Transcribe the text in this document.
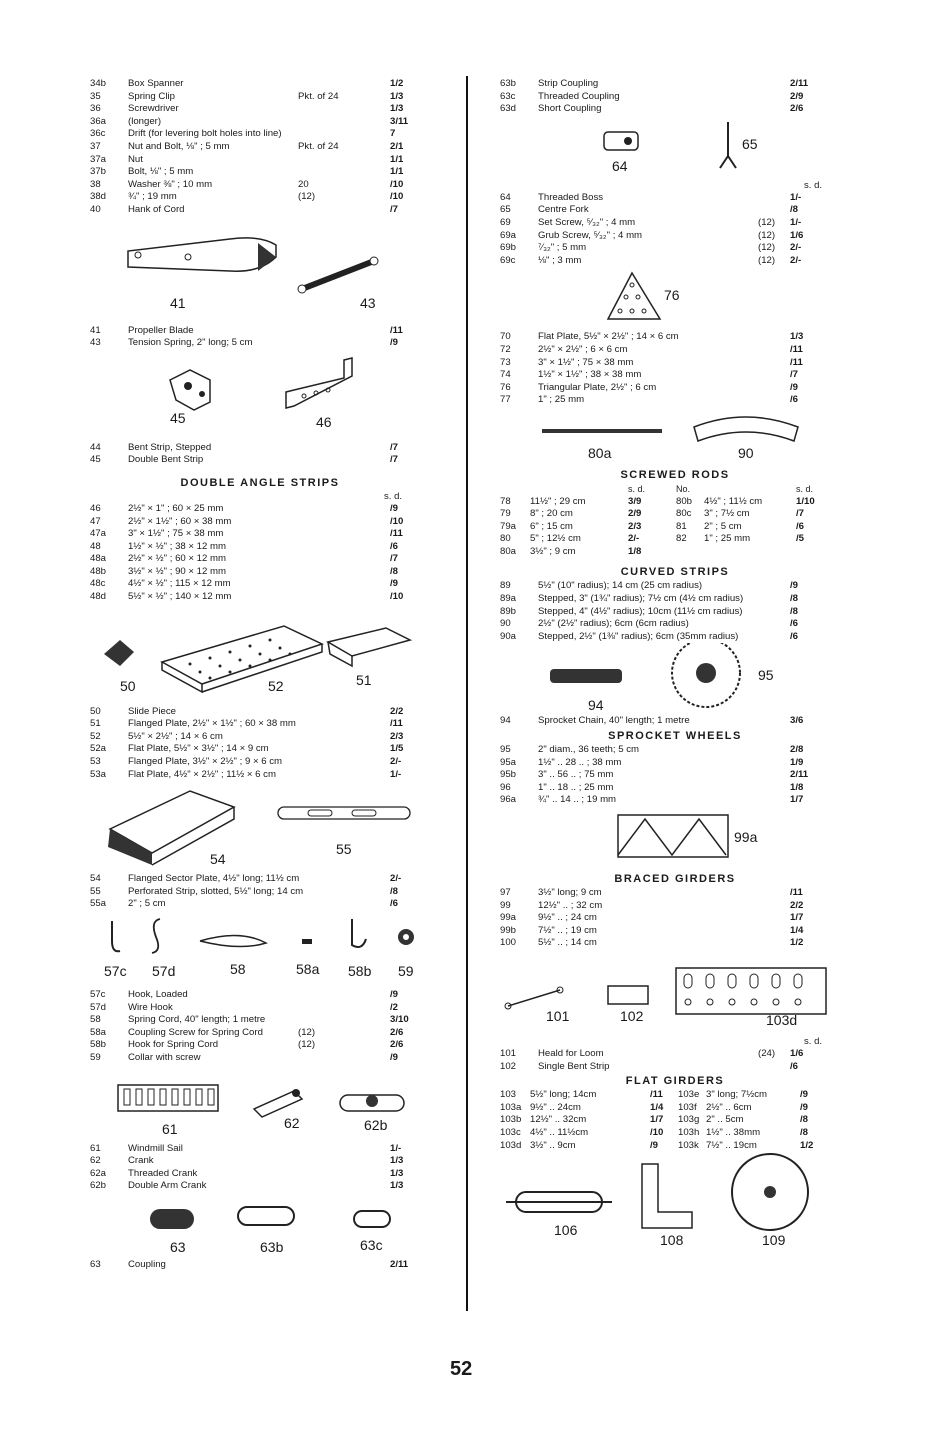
34b	Box Spanner	1/2
35	Spring Clip	Pkt. of 24	1/3
36	Screwdriver	1/3
36a	(longer)	3/11
36c	Drift (for levering bolt holes into line)	7
37	Nut and Bolt, ⅛" ; 5 mm	Pkt. of 24	2/1
37a	Nut	1/1
37b	Bolt, ⅛" ; 5 mm	1/1
38	Washer ⅜" ; 10 mm	20	/10
38d	¾" ; 19 mm	(12)	/10
40	Hank of Cord	/7
41	43
41	Propeller Blade	/11
43	Tension Spring, 2" long; 5 cm	/9
45	46
44	Bent Strip, Stepped	/7
45	Double Bent Strip	/7
DOUBLE ANGLE STRIPS
s. d.
46	2½" × 1" ; 60 × 25 mm	/9
47	2½" × 1½" ; 60 × 38 mm	/10
47a	3" × 1½" ; 75 × 38 mm	/11
48	1½" × ½" ; 38 × 12 mm	/6
48a	2½" × ½" ; 60 × 12 mm	/7
48b	3½" × ½" ; 90 × 12 mm	/8
48c	4½" × ½" ; 115 × 12 mm	/9
48d	5½" × ½" ; 140 × 12 mm	/10
50	52	51
50	Slide Piece	2/2
51	Flanged Plate, 2½" × 1½" ; 60 × 38 mm	/11
52	5½" × 2½" ; 14 × 6 cm	2/3
52a	Flat Plate, 5½" × 3½" ; 14 × 9 cm	1/5
53	Flanged Plate, 3½" × 2½" ; 9 × 6 cm	2/-
53a	Flat Plate, 4½" × 2½" ; 11½ × 6 cm	1/-
54
55
54	Flanged Sector Plate, 4½" long; 11½ cm	2/-
55	Perforated Strip, slotted, 5½" long; 14 cm	/8
55a	2" ; 5 cm	/6
57c 57d	58	58a 58b 59
57c	Hook, Loaded	/9
57d	Wire Hook	/2
58	Spring Cord, 40" length; 1 metre	3/10
58a	Coupling Screw for Spring Cord	(12)	2/6
58b	Hook for Spring Cord	(12)	2/6
59	Collar with screw	/9
61	62	62b
61	Windmill Sail	1/-
62	Crank	1/3
62a	Threaded Crank	1/3
62b	Double Arm Crank	1/3
63	63b	63c
63	Coupling	2/11
63b	Strip Coupling	2/11
63c	Threaded Coupling	2/9
63d	Short Coupling	2/6
64
65
s. d.
64	Threaded Boss	1/-
65	Centre Fork	/8
69	Set Screw, ⁵⁄₃₂" ; 4 mm	(12) 1/-
69a	Grub Screw, ⁵⁄₃₂" ; 4 mm	(12) 1/6
69b	⁷⁄₃₂" ; 5 mm	(12) 2/-
69c	⅛" ; 3 mm	(12) 2/-
76
70	Flat Plate, 5½" × 2½" ; 14 × 6 cm	1/3
72	2½" × 2½" ; 6 × 6 cm	/11
73	3" × 1½" ; 75 × 38 mm	/11
74	1½" × 1½" ; 38 × 38 mm	/7
76	Triangular Plate, 2½" ; 6 cm	/9
77	1" ; 25 mm	/6
80a	90
SCREWED RODS
s. d.	No.	s. d.
78 11½" ; 29 cm	3/9	80b 4½" ; 11½ cm	1/10
79 8" ; 20 cm	2/9	80c 3" ; 7½ cm	/7
79a 6" ; 15 cm	2/3	81 2" ; 5 cm	/6
80 5" ; 12½ cm	2/-	82 1" ; 25 mm	/5
80a 3½" ; 9 cm	1/8
CURVED STRIPS
89	5½" (10" radius); 14 cm (25 cm radius)	/9
89a	Stepped, 3" (1¾" radius); 7½ cm (4½ cm radius)	/8
89b	Stepped, 4" (4½" radius); 10cm (11½ cm radius)	/8
90	2½" (2½" radius); 6cm (6cm radius)	/6
90a	Stepped, 2½" (1⅜" radius); 6cm (35mm radius)	/6
94
95
94	Sprocket Chain, 40" length; 1 metre	3/6
SPROCKET WHEELS
95	2" diam., 36 teeth; 5 cm	2/8
95a	1½" .. 28 .. ; 38 mm	1/9
95b	3" .. 56 .. ; 75 mm	2/11
96	1" .. 18 .. ; 25 mm	1/8
96a	¾" .. 14 .. ; 19 mm	1/7
99a
BRACED GIRDERS
97	3½" long; 9 cm	/11
99	12½" .. ; 32 cm	2/2
99a	9½" .. ; 24 cm	1/7
99b	7½" .. ; 19 cm	1/4
100	5½" .. ; 14 cm	1/2
101	102	103d
s. d.
101	Heald for Loom	(24) 1/6
102	Single Bent Strip	/6
FLAT GIRDERS
103 5½" long; 14cm	/11 103e 3" long; 7½cm	/9
103a 9½" .. 24cm	1/4 103f 2½" .. 6cm	/9
103b 12½" .. 32cm	1/7 103g 2" .. 5cm	/8
103c 4½" .. 11½cm	/10 103h 1½" .. 38mm	/8
103d 3½" .. 9cm	/9 103k 7½" .. 19cm	1/2
106
108	109
52
